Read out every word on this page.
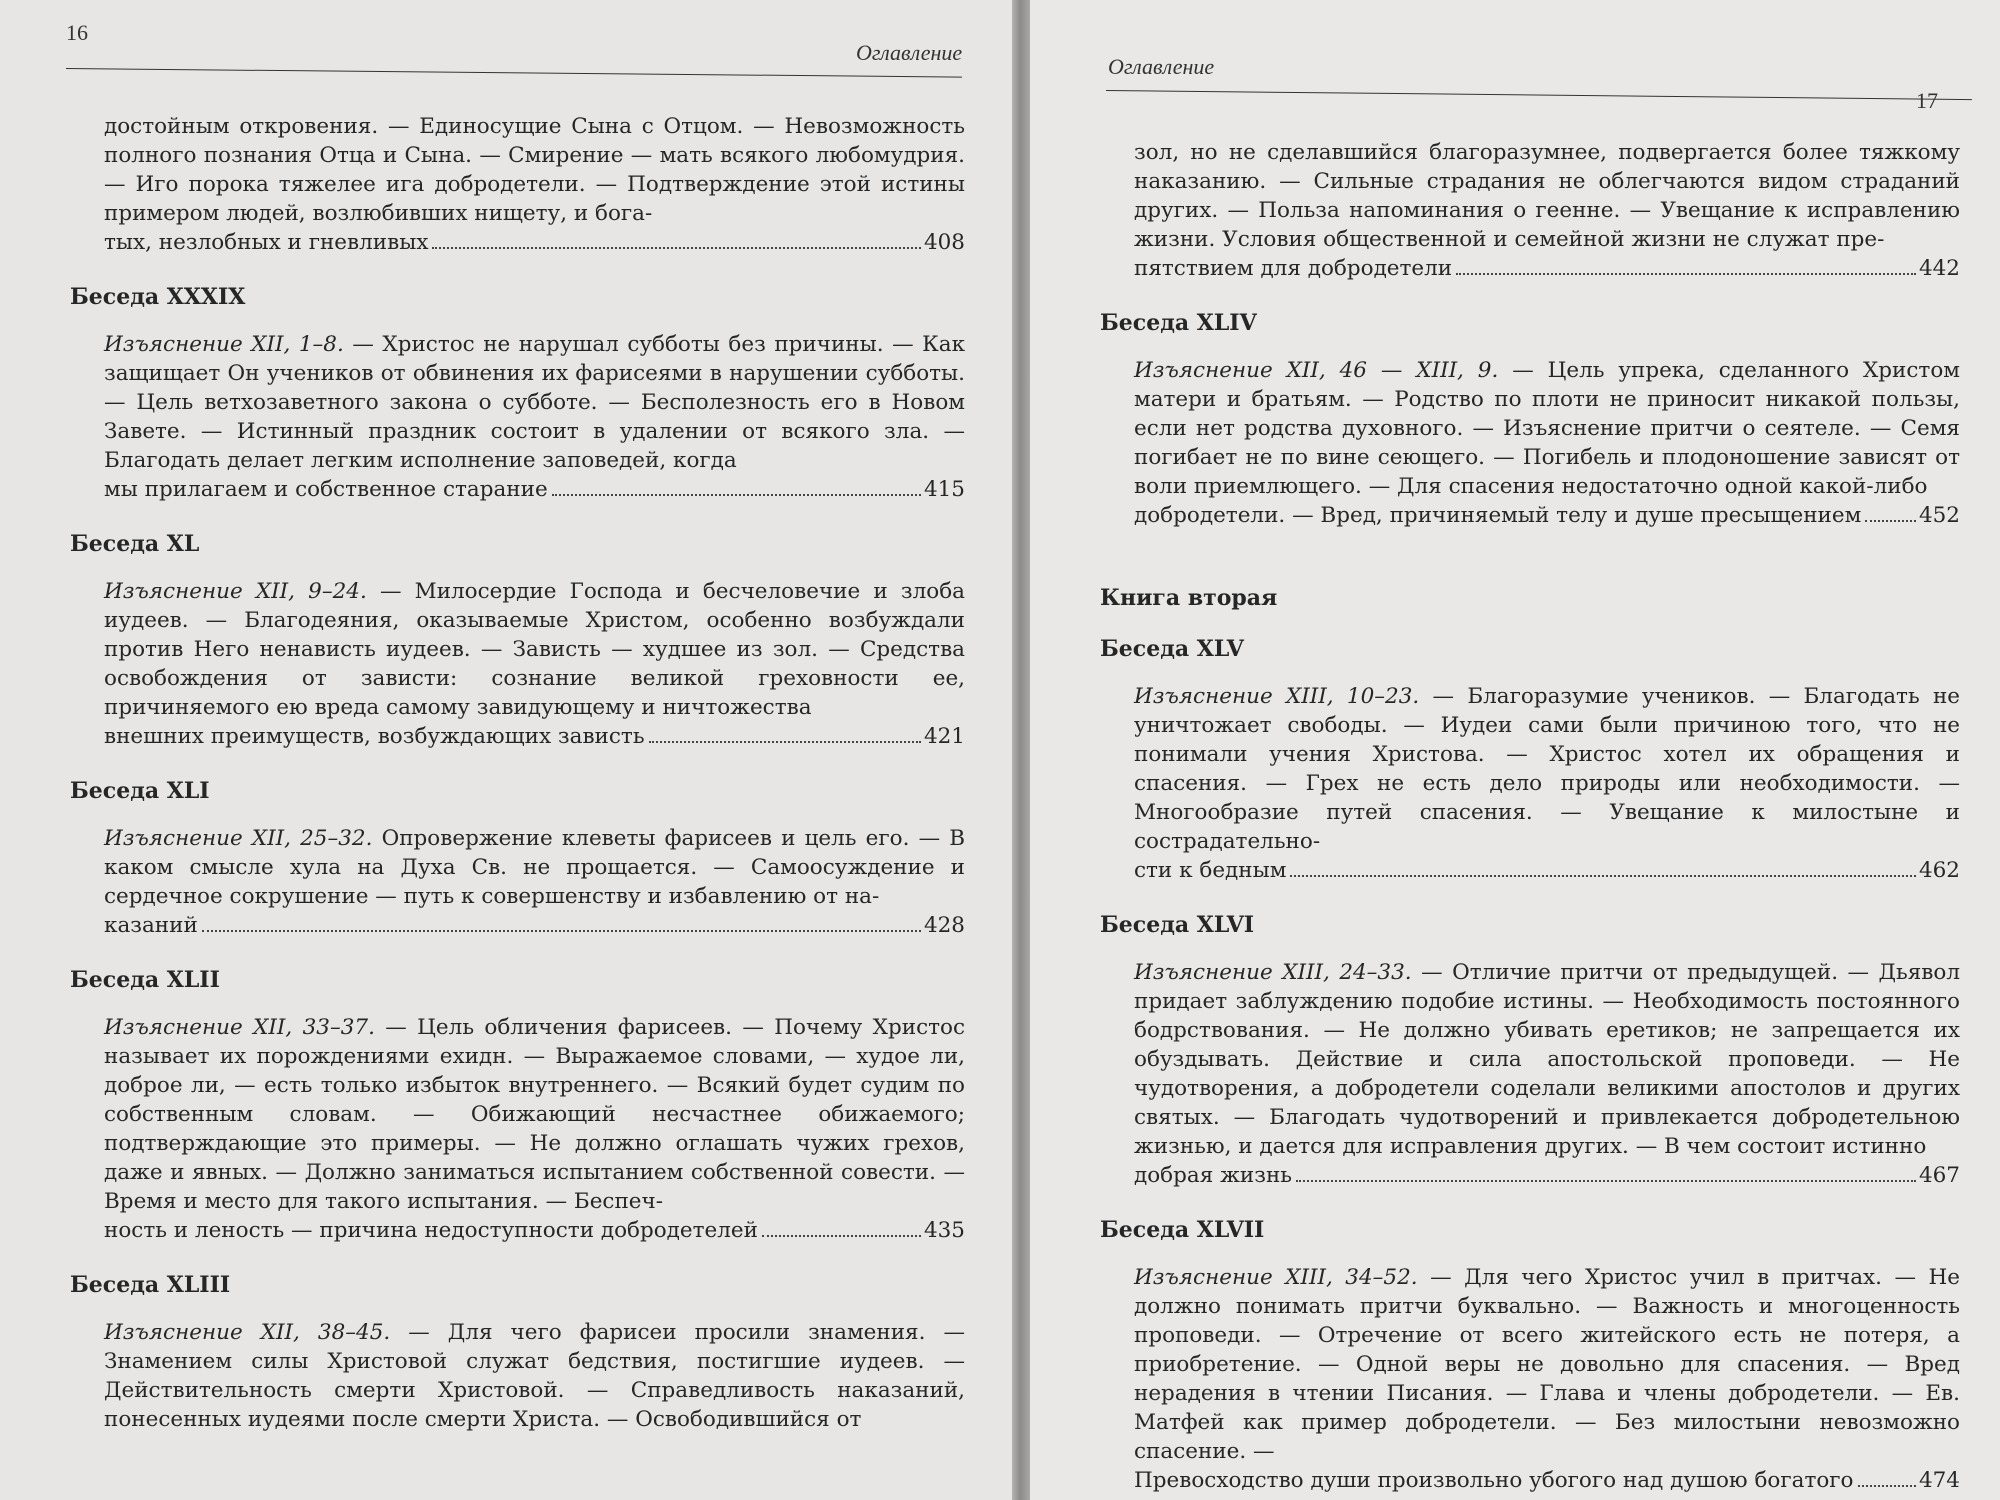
16
Оглавление
достойным откровения. — Единосущие Сына с Отцом. — Невозможность полного познания Отца и Сына. — Смирение — мать всякого любомудрия. — Иго порока тяжелее ига добродетели. — Подтверждение этой истины примером людей, возлюбивших нищету, и бога-
тых, незлобных и гневливых	408
Беседа XXXIX
Изъяснение XII, 1–8. — Христос не нарушал субботы без причины. — Как защищает Он учеников от обвинения их фарисеями в нарушении субботы. — Цель ветхозаветного закона о субботе. — Бесполезность его в Новом Завете. — Истинный праздник состоит в удалении от всякого зла. — Благодать делает легким исполнение заповедей, когда
мы прилагаем и собственное старание	415
Беседа XL
Изъяснение XII, 9–24. — Милосердие Господа и бесчеловечие и злоба иудеев. — Благодеяния, оказываемые Христом, особенно возбуждали против Него ненависть иудеев. — Зависть — худшее из зол. — Средства освобождения от зависти: сознание великой греховности ее, причиняемого ею вреда самому завидующему и ничтожества
внешних преимуществ, возбуждающих зависть	421
Беседа XLI
Изъяснение XII, 25–32. Опровержение клеветы фарисеев и цель его. — В каком смысле хула на Духа Св. не прощается. — Самоосуждение и сердечное сокрушение — путь к совершенству и избавлению от на-
казаний	428
Беседа XLII
Изъяснение XII, 33–37. — Цель обличения фарисеев. — Почему Христос называет их порождениями ехидн. — Выражаемое словами, — худое ли, доброе ли, — есть только избыток внутреннего. — Всякий будет судим по собственным словам. — Обижающий несчастнее обижаемого; подтверждающие это примеры. — Не должно оглашать чужих грехов, даже и явных. — Должно заниматься испытанием собственной совести. — Время и место для такого испытания. — Беспеч-
ность и леность — причина недоступности добродетелей	435
Беседа XLIII
Изъяснение XII, 38–45. — Для чего фарисеи просили знамения. — Знамением силы Христовой служат бедствия, постигшие иудеев. — Действительность смерти Христовой. — Справедливость наказаний, понесенных иудеями после смерти Христа. — Освободившийся от
Оглавление
17
зол, но не сделавшийся благоразумнее, подвергается более тяжкому наказанию. — Сильные страдания не облегчаются видом страданий других. — Польза напоминания о геенне. — Увещание к исправлению жизни. Условия общественной и семейной жизни не служат пре-
пятствием для добродетели	442
Беседа XLIV
Изъяснение XII, 46 — XIII, 9. — Цель упрека, сделанного Христом матери и братьям. — Родство по плоти не приносит никакой пользы, если нет родства духовного. — Изъяснение притчи о сеятеле. — Семя погибает не по вине сеющего. — Погибель и плодоношение зависят от воли приемлющего. — Для спасения недостаточно одной какой-либо
добродетели. — Вред, причиняемый телу и душе пресыщением	452
Книга вторая
Беседа XLV
Изъяснение XIII, 10–23. — Благоразумие учеников. — Благодать не уничтожает свободы. — Иудеи сами были причиною того, что не понимали учения Христова. — Христос хотел их обращения и спасения. — Грех не есть дело природы или необходимости. — Многообразие путей спасения. — Увещание к милостыне и сострадательно-
сти к бедным	462
Беседа XLVI
Изъяснение XIII, 24–33. — Отличие притчи от предыдущей. — Дьявол придает заблуждению подобие истины. — Необходимость постоянного бодрствования. — Не должно убивать еретиков; не запрещается их обуздывать. Действие и сила апостольской проповеди. — Не чудотворения, а добродетели соделали великими апостолов и других святых. — Благодать чудотворений и привлекается добродетельною жизнью, и дается для исправления других. — В чем состоит истинно
добрая жизнь	467
Беседа XLVII
Изъяснение XIII, 34–52. — Для чего Христос учил в притчах. — Не должно понимать притчи буквально. — Важность и многоценность проповеди. — Отречение от всего житейского есть не потеря, а приобретение. — Одной веры не довольно для спасения. — Вред нерадения в чтении Писания. — Глава и члены добродетели. — Ев. Матфей как пример добродетели. — Без милостыни невозможно спасение. —
Превосходство души произвольно убогого над душою богатого	474
